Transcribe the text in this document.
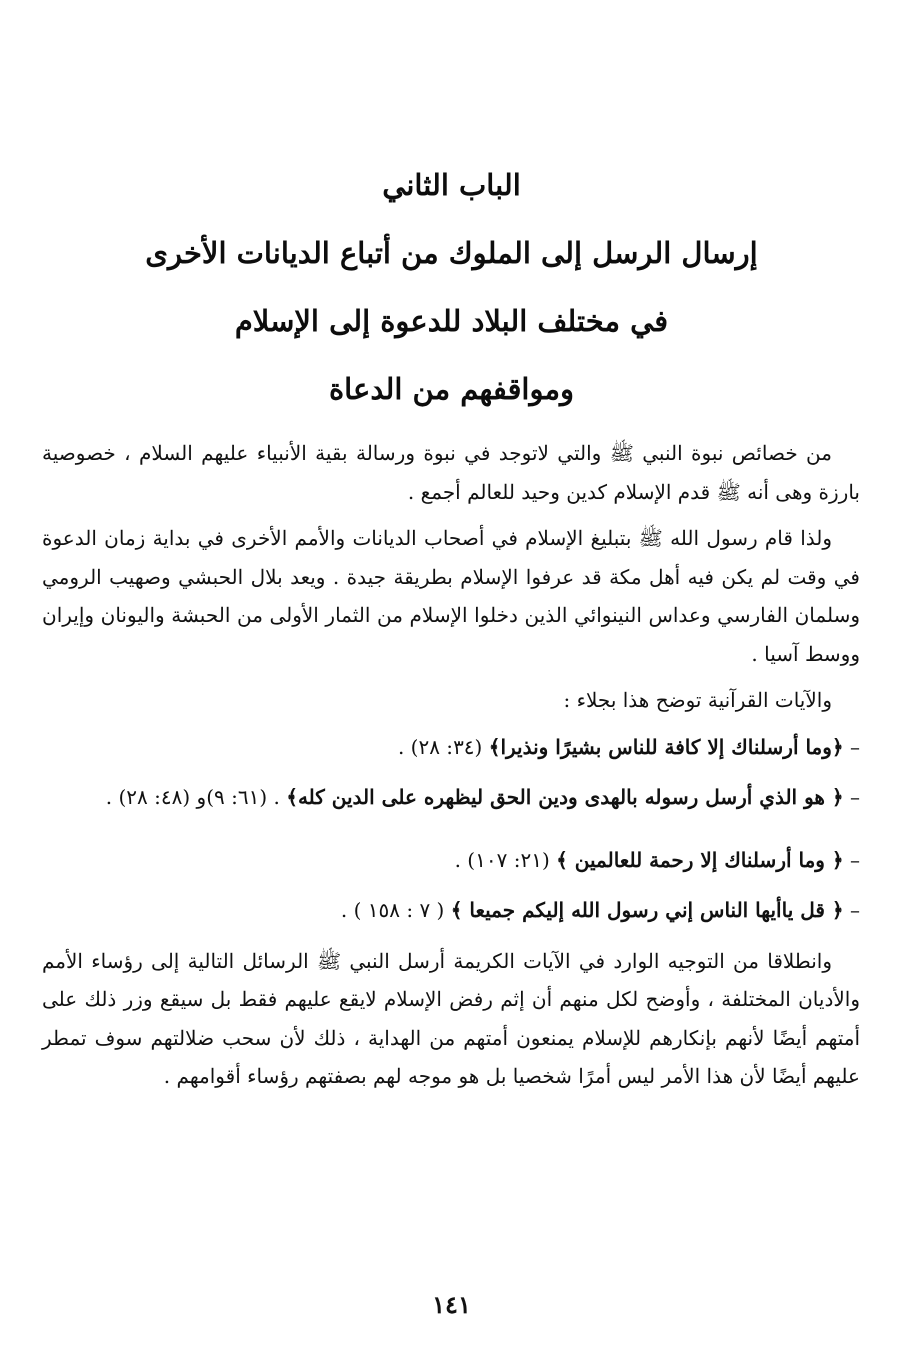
الباب الثاني
إرسال الرسل إلى الملوك من أتباع الديانات الأخرى
في مختلف البلاد للدعوة إلى الإسلام
ومواقفهم من الدعاة

من خصائص نبوة النبي ﷺ والتي لاتوجد في نبوة ورسالة بقية الأنبياء عليهم السلام ، خصوصية بارزة وهى أنه ﷺ قدم الإسلام كدين وحيد للعالم أجمع .

ولذا قام رسول الله ﷺ بتبليغ الإسلام في أصحاب الديانات والأمم الأخرى في بداية زمان الدعوة في وقت لم يكن فيه أهل مكة قد عرفوا الإسلام بطريقة جيدة . ويعد بلال الحبشي وصهيب الرومي وسلمان الفارسي وعداس النينوائي الذين دخلوا الإسلام من الثمار الأولى من الحبشة واليونان وإيران ووسط آسيا .

والآيات القرآنية توضح هذا بجلاء :

– ﴿وما أرسلناك إلا كافة للناس بشيرًا ونذيرا﴾ (٣٤: ٢٨) .
– ﴿ هو الذي أرسل رسوله بالهدى ودين الحق ليظهره على الدين كله﴾ . (٦١: ٩)و (٤٨: ٢٨) .
– ﴿ وما أرسلناك إلا رحمة للعالمين ﴾ (٢١: ١٠٧) .
– ﴿ قل ياأيها الناس إني رسول الله إليكم جميعا ﴾ ( ٧ : ١٥٨ ) .

وانطلاقا من التوجيه الوارد في الآيات الكريمة أرسل النبي ﷺ الرسائل التالية إلى رؤساء الأمم والأديان المختلفة ، وأوضح لكل منهم أن إثم رفض الإسلام لايقع عليهم فقط بل سيقع وزر ذلك على أمتهم أيضًا لأنهم بإنكارهم للإسلام يمنعون أمتهم من الهداية ، ذلك لأن سحب ضلالتهم سوف تمطر عليهم أيضًا لأن هذا الأمر ليس أمرًا شخصيا بل هو موجه لهم بصفتهم رؤساء أقوامهم .

١٤١
